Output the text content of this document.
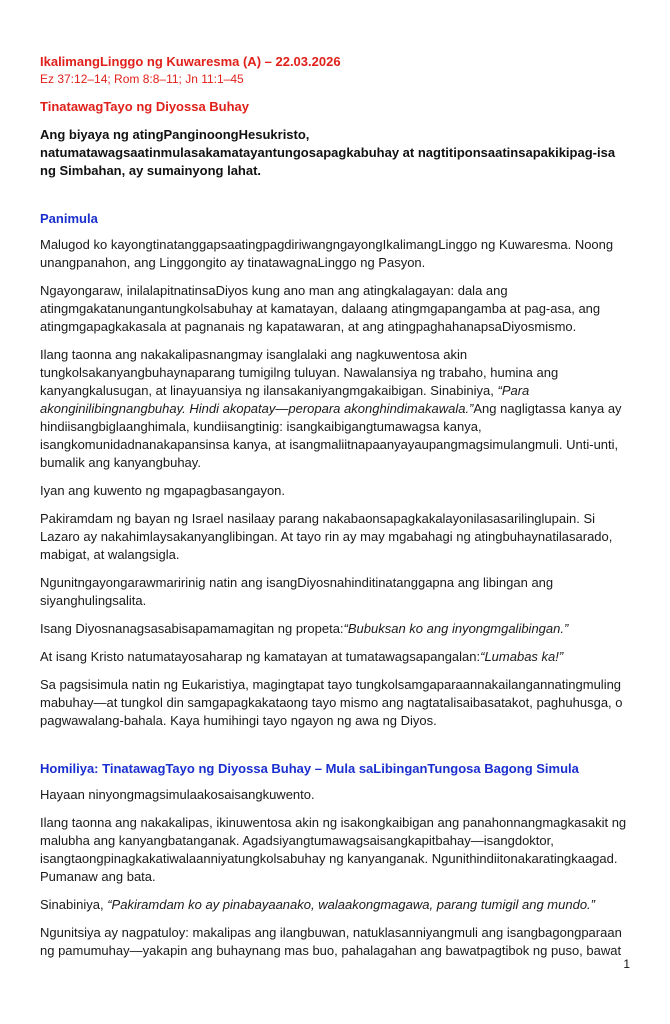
IkalimangLinggo ng Kuwaresma (A) – 22.03.2026

Ez 37:12–14; Rom 8:8–11; Jn 11:1–45

TinatawagTayo ng Diyossa Buhay

Ang biyaya ng atingPanginoongHesukristo, natumatawagsaatinmulasakamatayantungosapagkabuhay at nagtitiponsaatinsapakikipag-isa ng Simbahan, ay sumainyong lahat.

Panimula

Malugod ko kayongtinatanggapsaatingpagdiriwangngayongIkalimangLinggo ng Kuwaresma. Noong unangpanahon, ang Linggongito ay tinatawagnaLinggo ng Pasyon.

Ngayongaraw, inilalapitnatinsaDiyos kung ano man ang atingkalagayan: dala ang atingmgakatanungantungkolsabuhay at kamatayan, dalaang atingmgapangamba at pag-asa, ang atingmgapagkakasala at pagnanais ng kapatawaran, at ang atingpaghahanapsaDiyosmismo.

Ilang taonna ang nakakalipasnangmay isanglalaki ang nagkuwentosa akin tungkolsakanyangbuhaynaparang tumigilng tuluyan. Nawalansiya ng trabaho, humina ang kanyangkalusugan, at linayuansiya ng ilansakaniyangmgakaibigan. Sinabiniya, “Para akonginilibingnangbuhay. Hindi akopatay—peropara akonghindimakawala.”Ang nagligtassa kanya ay hindiisangbiglaanghimala, kundiisangtinig: isangkaibigangtumawagsa kanya, isangkomunidadnanakapansinsa kanya, at isangmaliitnapaanyayaupangmagsimulangmuli. Unti-unti, bumalik ang kanyangbuhay.

Iyan ang kuwento ng mgapagbasangayon.

Pakiramdam ng bayan ng Israel nasilaay parang nakabaonsapagkakalayonilasasarilinglupain. Si Lazaro ay nakahimlaysakanyanglibingan. At tayo rin ay may mgabahagi ng atingbuhaynatilasarado, mabigat, at walangsigla.

Ngunitngayongarawmaririnig natin ang isangDiyosnahinditinatanggapna ang libingan ang siyanghulingsalita.

Isang Diyosnanagsasabisapamamagitan ng propeta:“Bubuksan ko ang inyongmgalibingan.”

At isang Kristo natumatayosaharap ng kamatayan at tumatawagsapangalan:“Lumabas ka!”

Sa pagsisimula natin ng Eukaristiya, magingtapat tayo tungkolsamgaparaannakailangannatingmuling mabuhay—at tungkol din samgapagkakataong tayo mismo ang nagtatalisaibasatakot, paghuhusga, o pagwawalang-bahala. Kaya humihingi tayo ngayon ng awa ng Diyos.

Homiliya: TinatawagTayo ng Diyossa Buhay – Mula saLibinganTungosa Bagong Simula

Hayaan ninyongmagsimulaakosaisangkuwento.

Ilang taonna ang nakakalipas, ikinuwentosa akin ng isakongkaibigan ang panahonnangmagkasakit ng malubha ang kanyangbatanganak. Agadsiyangtumawagsaisangkapitbahay—isangdoktor, isangtaongpinagkakatiwalaanniyatungkolsabuhay ng kanyanganak. Ngunithindiitonakaratingkaagad. Pumanaw ang bata.

Sinabiniya, “Pakiramdam ko ay pinabayaanako, walaakongmagawa, parang tumigil ang mundo.”

Ngunitsiya ay nagpatuloy: makalipas ang ilangbuwan, natuklasanniyangmuli ang isangbagongparaan ng pamumuhay—yakapin ang buhaynang mas buo, pahalagahan ang bawatpagtibok ng puso, bawat

1
